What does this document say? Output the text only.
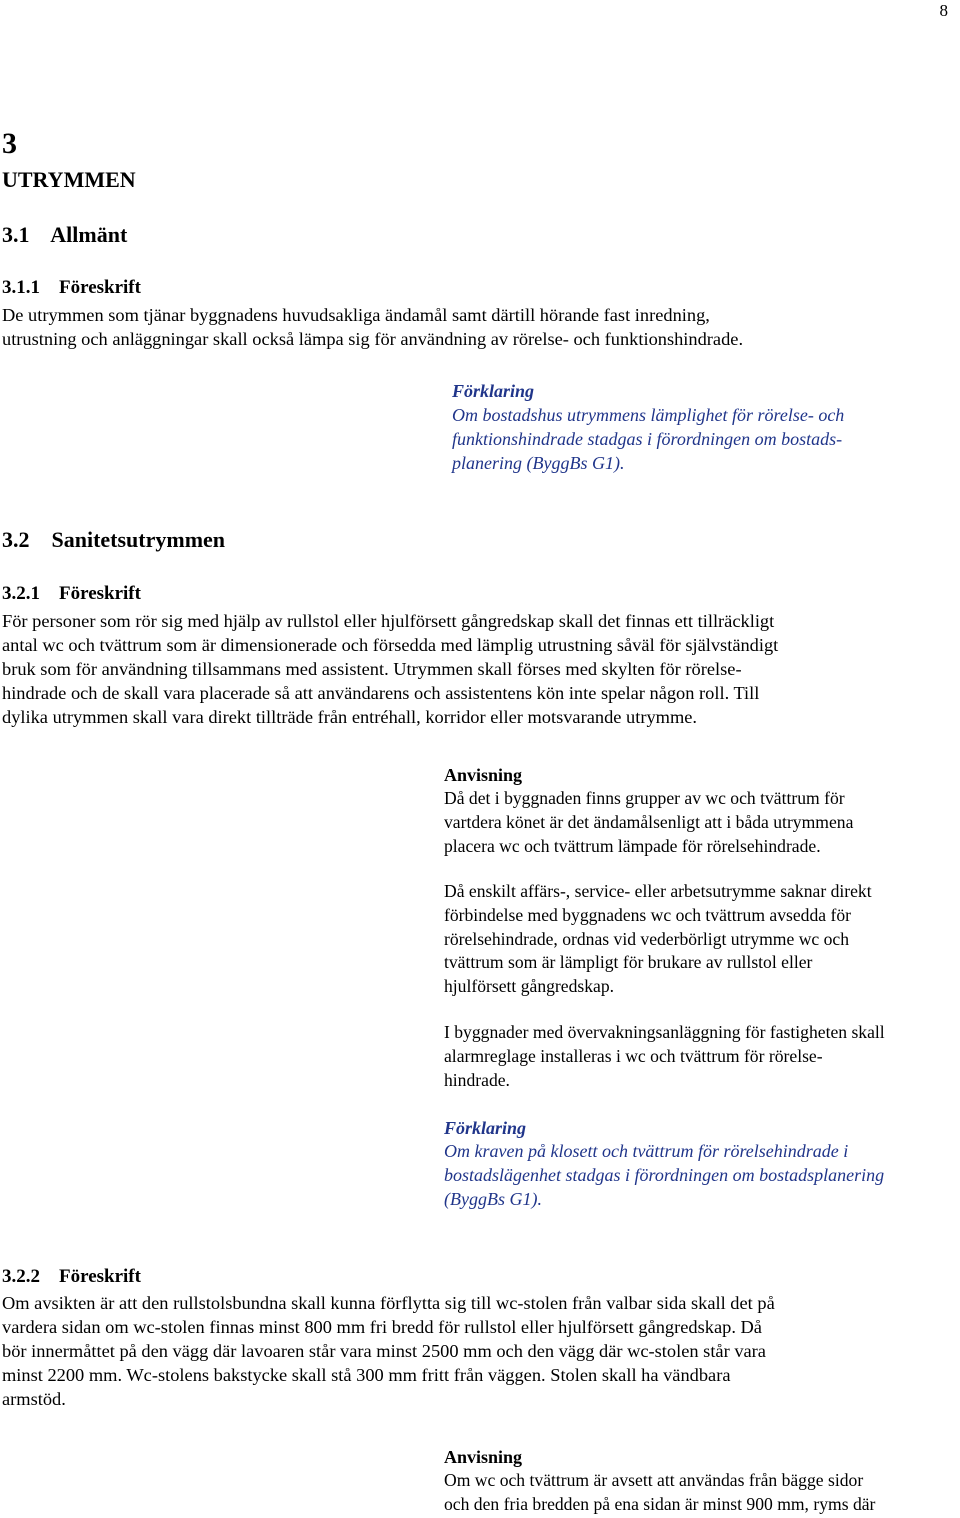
8
3
UTRYMMEN
3.1    Allmänt
3.1.1    Föreskrift

De utrymmen som tjänar byggnadens huvudsakliga ändamål samt därtill hörande fast inredning,
utrustning och anläggningar skall också lämpa sig för användning av rörelse- och funktionshindrade.

Förklaring

Om bostadshus utrymmens lämplighet för rörelse- och
funktionshindrade stadgas i förordningen om bostads-
planering (ByggBs G1).

3.2    Sanitetsutrymmen
3.2.1    Föreskrift

För personer som rör sig med hjälp av rullstol eller hjulförsett gångredskap skall det finnas ett tillräckligt
antal wc och tvättrum som är dimensionerade och försedda med lämplig utrustning såväl för självständigt
bruk som för användning tillsammans med assistent. Utrymmen skall förses med skylten för rörelse-
hindrade och de skall vara placerade så att användarens och assistentens kön inte spelar någon roll. Till
dylika utrymmen skall vara direkt tillträde från entréhall, korridor eller motsvarande utrymme.

Anvisning

Då det i byggnaden finns grupper av wc och tvättrum för
vartdera könet är det ändamålsenligt att i båda utrymmena
placera wc och tvättrum lämpade för rörelsehindrade.

Då enskilt affärs-, service- eller arbetsutrymme saknar direkt
förbindelse med byggnadens wc och tvättrum avsedda för
rörelsehindrade, ordnas vid vederbörligt utrymme wc och
tvättrum som är lämpligt för brukare av rullstol eller
hjulförsett gångredskap.

I byggnader med övervakningsanläggning för fastigheten skall
alarmreglage installeras i wc och tvättrum för rörelse-
hindrade.

Förklaring

Om kraven på klosett och tvättrum för rörelsehindrade i
bostadslägenhet stadgas i förordningen om bostadsplanering
(ByggBs G1).

3.2.2    Föreskrift

Om avsikten är att den rullstolsbundna skall kunna förflytta sig till wc-stolen från valbar sida skall det på
vardera sidan om wc-stolen finnas minst 800 mm fri bredd för rullstol eller hjulförsett gångredskap. Då
bör innermåttet på den vägg där lavoaren står vara minst 2500 mm och den vägg där wc-stolen står vara
minst 2200 mm. Wc-stolens bakstycke skall stå 300 mm fritt från väggen. Stolen skall ha vändbara
armstöd.

Anvisning

Om wc och tvättrum är avsett att användas från bägge sidor
och den fria bredden på ena sidan är minst 900 mm, ryms där
